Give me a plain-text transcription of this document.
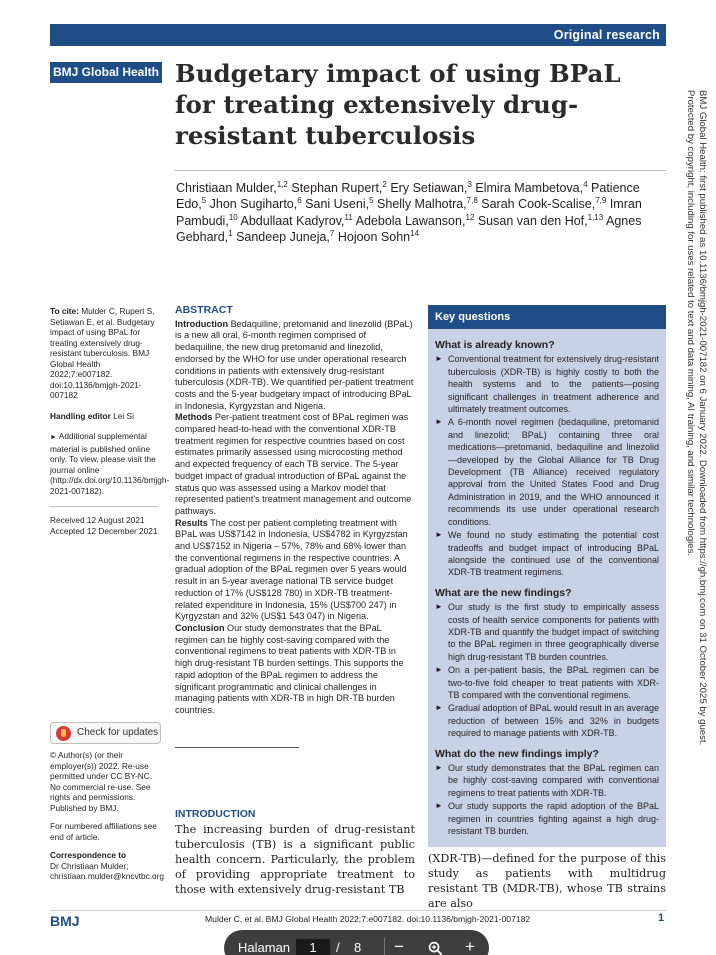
Original research
BMJ Global Health Budgetary impact of using BPaL for treating extensively drug-resistant tuberculosis
Christiaan Mulder,$^{1,2}$ Stephan Rupert,$^2$ Ery Setiawan,$^3$ Elmira Mambetova,$^4$ Patience Edo,$^5$ Jhon Sugiharto,$^6$ Sani Useni,$^5$ Shelly Malhotra,$^{7,8}$ Sarah Cook-Scalise,$^{7,9}$ Imran Pambudi,$^{10}$ Abdullaat Kadyrov,$^{11}$ Adebola Lawanson,$^{12}$ Susan van den Hof,$^{1,13}$ Agnes Gebhard,$^1$ Sandeep Juneja,$^7$ Hojoon Sohn$^{14}$	BMJ Global Health: first published as 10.1136/bmjgh-2021-007182 on 6 January 2022. Downloaded from https://gh.bmj.com on 31 October 2025 by guest.
Protected by copyright, including for uses related to text and data mining, AI training, and similar technologies.
To cite: Mulder C, Rupert S, Setiawan E, et al. Budgetary impact of using BPaL for treating extensively drug-resistant tuberculosis. BMJ Global Health 2022;7:e007182. doi:10.1136/bmjgh-2021-007182
Handling editor Lei Si
► Additional supplemental material is published online only. To view, please visit the journal online (http://dx.doi.org/10.1136/bmjgh-2021-007182).
Received 12 August 2021
Accepted 12 December 2021
Check for updates
© Author(s) (or their employer(s)) 2022. Re-use permitted under CC BY-NC. No commercial re-use. See rights and permissions. Published by BMJ.
For numbered affiliations see end of article.
Correspondence to
Dr Christiaan Mulder;
christiaan.mulder@kncvtbc.org
ABSTRACT
Introduction Bedaquiline, pretomanid and linezolid (BPaL) is a new all oral, 6-month regimen comprised of bedaquiline, the new drug pretomanid and linezolid, endorsed by the WHO for use under operational research conditions in patients with extensively drug-resistant tuberculosis (XDR-TB). We quantified per-patient treatment costs and the 5-year budgetary impact of introducing BPaL in Indonesia, Kyrgyzstan and Nigeria.
Methods Per-patient treatment cost of BPaL regimen was compared head-to-head with the conventional XDR-TB treatment regimen for respective countries based on cost estimates primarily assessed using microcosting method and expected frequency of each TB service. The 5-year budget impact of gradual introduction of BPaL against the status quo was assessed using a Markov model that represented patient's treatment management and outcome pathways.
Results The cost per patient completing treatment with BPaL was US$7142 in Indonesia, US$4782 in Kyrgyzstan and US$7152 in Nigeria – 57%, 78% and 68% lower than the conventional regimens in the respective countries. A gradual adoption of the BPaL regimen over 5 years would result in an 5-year average national TB service budget reduction of 17% (US$128 780) in XDR-TB treatment-related expenditure in Indonesia, 15% (US$700 247) in Kyrgyzstan and 32% (US$1 543 047) in Nigeria.
Conclusion Our study demonstrates that the BPaL regimen can be highly cost-saving compared with the conventional regimens to treat patients with XDR-TB in high drug-resistant TB burden settings. This supports the rapid adoption of the BPaL regimen to address the significant programmatic and clinical challenges in managing patients with XDR-TB in high DR-TB burden countries.
Key questions
What is already known?
► Conventional treatment for extensively drug-resistant tuberculosis (XDR-TB) is highly costly to both the health systems and to the patients—posing significant challenges in treatment adherence and ultimately treatment outcomes.
► A 6-month novel regimen (bedaquiline, pretomanid and linezolid; BPaL) containing three oral medications—pretomanid, bedaquiline and linezolid—developed by the Global Alliance for TB Drug Development (TB Alliance) received regulatory approval from the United States Food and Drug Administration in 2019, and the WHO announced it recommends its use under operational research conditions.
► We found no study estimating the potential cost tradeoffs and budget impact of introducing BPaL alongside the continued use of the conventional XDR-TB treatment regimens.
What are the new findings?
► Our study is the first study to empirically assess costs of health service components for patients with XDR-TB and quantify the budget impact of switching to the BPaL regimen in three geographically diverse high drug-resistant TB burden countries.
► On a per-patient basis, the BPaL regimen can be two-to-five fold cheaper to treat patients with XDR-TB compared with the conventional regimens.
► Gradual adoption of BPaL would result in an average reduction of between 15% and 32% in budgets required to manage patients with XDR-TB.
What do the new findings imply?
► Our study demonstrates that the BPaL regimen can be highly cost-saving compared with conventional regimens to treat patients with XDR-TB.
► Our study supports the rapid adoption of the BPaL regimen in countries fighting against a high drug-resistant TB burden.
INTRODUCTION
The increasing burden of drug-resistant tuberculosis (TB) is a significant public health concern. Particularly, the problem of providing appropriate treatment to those with extensively drug-resistant TB
(XDR-TB)—defined for the purpose of this study as patients with multidrug resistant TB (MDR-TB), whose TB strains are also
BMJ	Mulder C, et al. BMJ Global Health 2022;7:e007182. doi:10.1136/bmjgh-2021-007182	1
Halaman	1	/ 8	−	+
